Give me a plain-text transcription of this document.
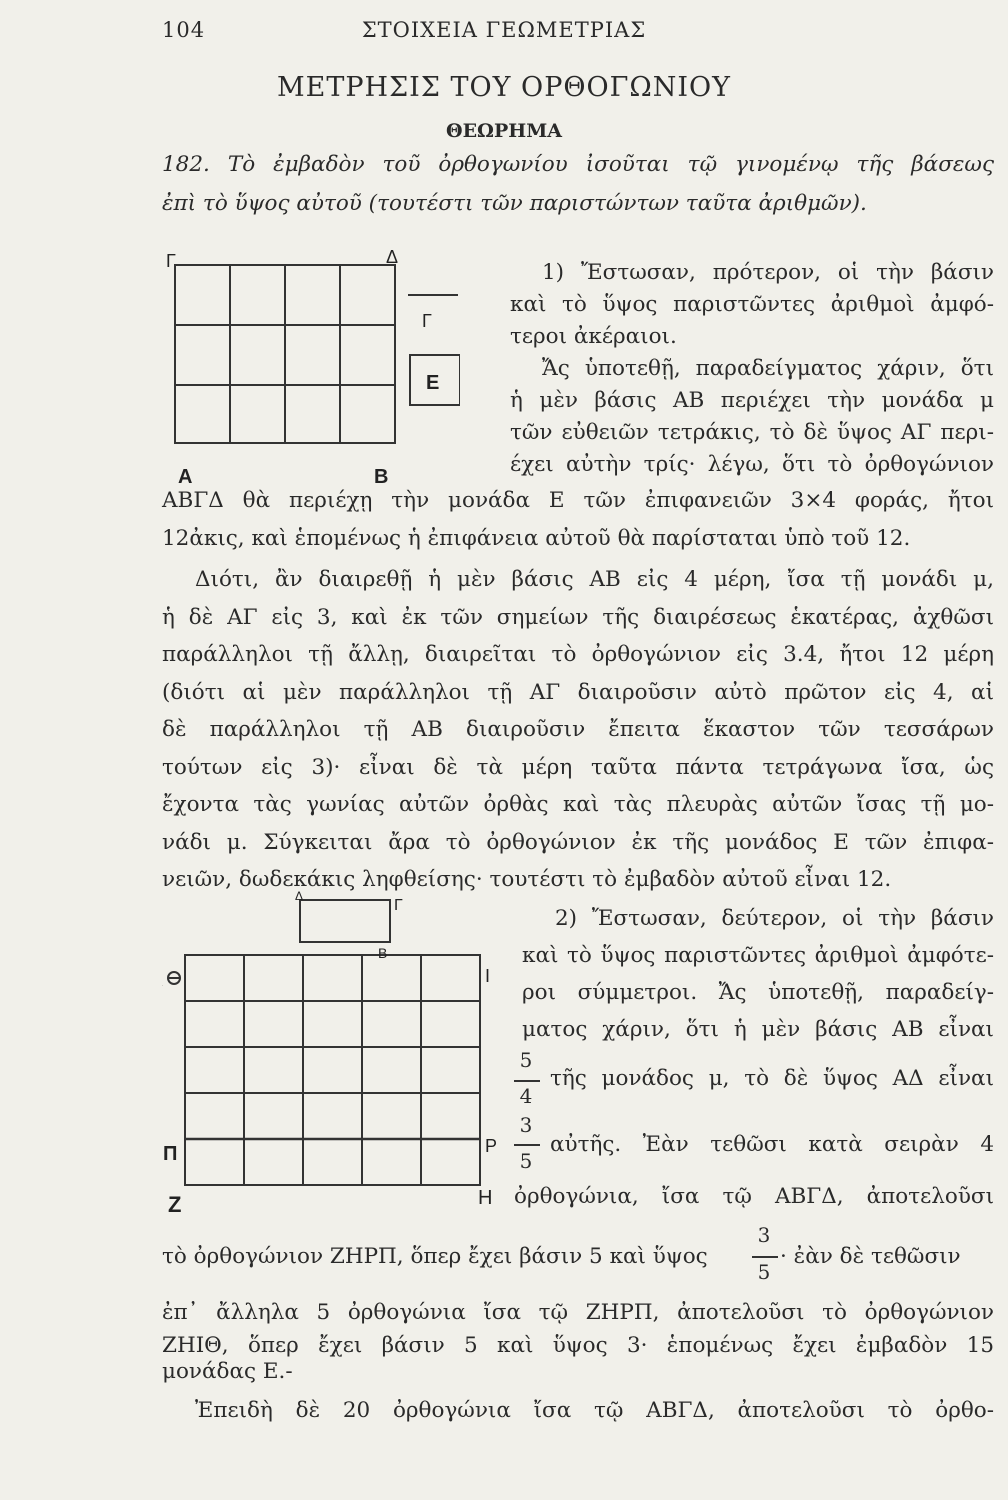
104	ΣΤΟΙΧΕΙΑ ΓΕΩΜΕΤΡΙΑΣ
ΜΕΤΡΗΣΙΣ ΤΟΥ ΟΡΘΟΓΩΝΙΟΥ
ΘΕΩΡΗΜΑ
182. Τὸ ἐμβαδὸν τοῦ ὀρθογωνίου ἰσοῦται τῷ γινομένῳ τῆς βάσεως
ἐπὶ τὸ ὕψος αὐτοῦ (τουτέστι τῶν παριστώντων ταῦτα ἀριθμῶν).
Γ	Δ
Α	Β
Γ
Ε
1) Ἔστωσαν, πρότερον, οἱ τὴν βάσιν
καὶ τὸ ὕψος παριστῶντες ἀριθμοὶ ἀμφό-
τεροι ἀκέραιοι.
Ἄς ὑποτεθῇ, παραδείγματος χάριν, ὅτι
ἡ μὲν βάσις ΑΒ περιέχει τὴν μονάδα μ
τῶν εὐθειῶν τετράκις, τὸ δὲ ὕψος ΑΓ περι-
έχει αὐτὴν τρίς· λέγω, ὅτι τὸ ὀρθογώνιον
ΑΒΓΔ θὰ περιέχῃ τὴν μονάδα Ε τῶν ἐπιφανειῶν 3×4 φοράς, ἤτοι
12ἀκις, καὶ ἑπομένως ἡ ἐπιφάνεια αὐτοῦ θὰ παρίσταται ὑπὸ τοῦ 12.
Διότι, ἂν διαιρεθῇ ἡ μὲν βάσις ΑΒ εἰς 4 μέρη, ἴσα τῇ μονάδι μ,
ἡ δὲ ΑΓ εἰς 3, καὶ ἐκ τῶν σημείων τῆς διαιρέσεως ἑκατέρας, ἀχθῶσι
παράλληλοι τῇ ἄλλῃ, διαιρεῖται τὸ ὀρθογώνιον εἰς 3.4, ἤτοι 12 μέρη
(διότι αἱ μὲν παράλληλοι τῇ ΑΓ διαιροῦσιν αὐτὸ πρῶτον εἰς 4, αἱ
δὲ παράλληλοι τῇ ΑΒ διαιροῦσιν ἔπειτα ἕκαστον τῶν τεσσάρων
τούτων εἰς 3)· εἶναι δὲ τὰ μέρη ταῦτα πάντα τετράγωνα ἴσα, ὡς
ἔχοντα τὰς γωνίας αὐτῶν ὀρθὰς καὶ τὰς πλευρὰς αὐτῶν ἴσας τῇ μο-
νάδι μ. Σύγκειται ἄρα τὸ ὀρθογώνιον ἐκ τῆς μονάδος Ε τῶν ἐπιφα-
νειῶν, δωδεκάκις ληφθείσης· τουτέστι τὸ ἐμβαδὸν αὐτοῦ εἶναι 12.
Θ
Δ
Γ
Β
Ι
Π	Ρ
Ζ	Η
2) Ἔστωσαν, δεύτερον, οἱ τὴν βάσιν
καὶ τὸ ὕψος παριστῶντες ἀριθμοὶ ἀμφότε-
ροι σύμμετροι. Ἄς ὑποτεθῇ, παραδείγ-
ματος χάριν, ὅτι ἡ μὲν βάσις ΑΒ εἶναι
5
4
τῆς μονάδος μ, τὸ δὲ ὕψος ΑΔ εἶναι
3
5
αὐτῆς. Ἐὰν τεθῶσι κατὰ σειρὰν 4
ὀρθογώνια, ἴσα τῷ ΑΒΓΔ, ἀποτελοῦσι
τὸ ὀρθογώνιον ΖΗΡΠ, ὅπερ ἔχει βάσιν 5 καὶ ὕψος
3
5
· ἐὰν δὲ τεθῶσιν
ἐπ᾽ ἄλληλα 5 ὀρθογώνια ἴσα τῷ ΖΗΡΠ, ἀποτελοῦσι τὸ ὀρθογώνιον
ΖΗΙΘ, ὅπερ ἔχει βάσιν 5 καὶ ὕψος 3· ἑπομένως ἔχει ἐμβαδὸν 15
μονάδας Ε.-
Ἐπειδὴ δὲ 20 ὀρθογώνια ἴσα τῷ ΑΒΓΔ, ἀποτελοῦσι τὸ ὀρθο-
